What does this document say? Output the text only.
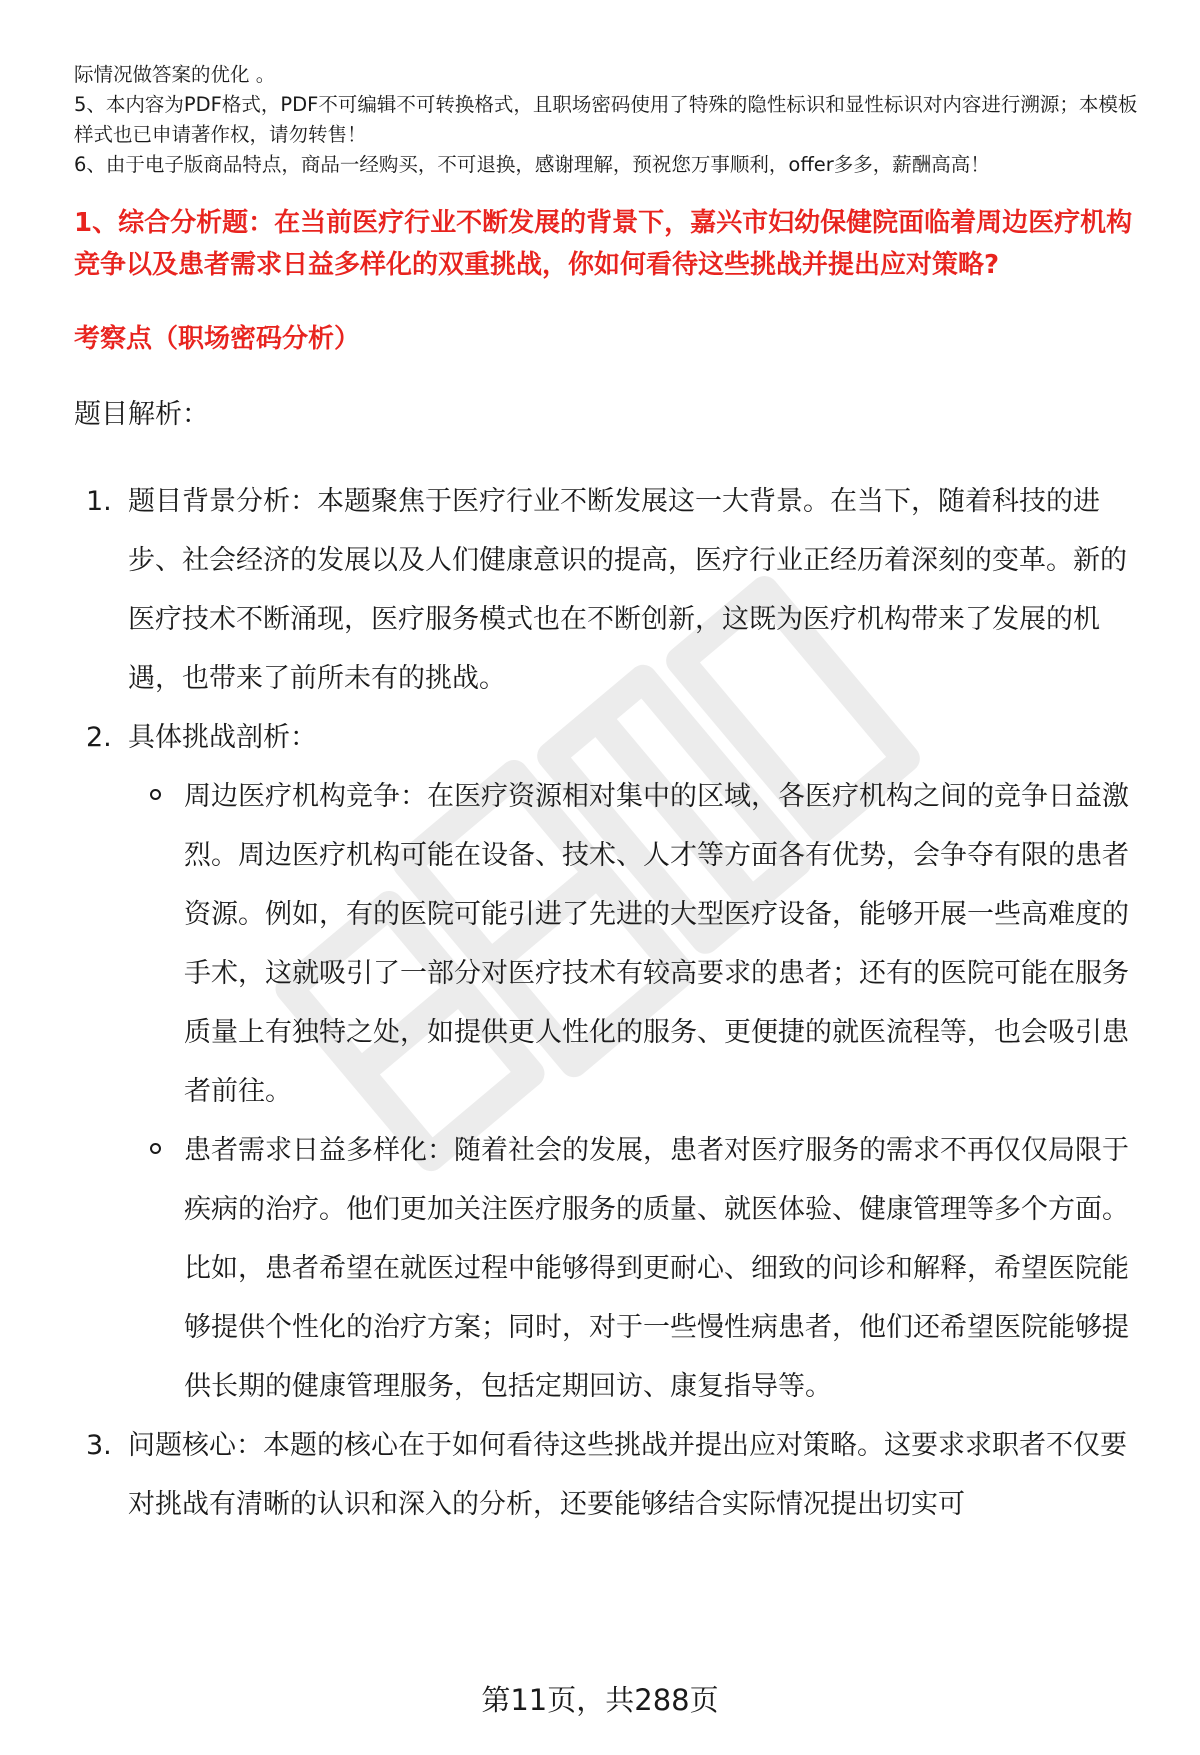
际情况做答案的优化 。

5、本内容为PDF格式，PDF不可编辑不可转换格式，且职场密码使用了特殊的隐性标识和显性标识对内容进行溯源；本模板样式也已申请著作权，请勿转售！

6、由于电子版商品特点，商品一经购买，不可退换，感谢理解，预祝您万事顺利，offer多多，薪酬高高！

1、综合分析题：在当前医疗行业不断发展的背景下，嘉兴市妇幼保健院面临着周边医疗机构竞争以及患者需求日益多样化的双重挑战，你如何看待这些挑战并提出应对策略?
考察点（职场密码分析）

题目解析：

1. 题目背景分析：本题聚焦于医疗行业不断发展这一大背景。在当下，随着科技的进步、社会经济的发展以及人们健康意识的提高，医疗行业正经历着深刻的变革。新的医疗技术不断涌现，医疗服务模式也在不断创新，这既为医疗机构带来了发展的机遇，也带来了前所未有的挑战。
2. 具体挑战剖析：
周边医疗机构竞争：在医疗资源相对集中的区域，各医疗机构之间的竞争日益激烈。周边医疗机构可能在设备、技术、人才等方面各有优势，会争夺有限的患者资源。例如，有的医院可能引进了先进的大型医疗设备，能够开展一些高难度的手术，这就吸引了一部分对医疗技术有较高要求的患者；还有的医院可能在服务质量上有独特之处，如提供更人性化的服务、更便捷的就医流程等，也会吸引患者前往。
患者需求日益多样化：随着社会的发展，患者对医疗服务的需求不再仅仅局限于疾病的治疗。他们更加关注医疗服务的质量、就医体验、健康管理等多个方面。比如，患者希望在就医过程中能够得到更耐心、细致的问诊和解释，希望医院能够提供个性化的治疗方案；同时，对于一些慢性病患者，他们还希望医院能够提供长期的健康管理服务，包括定期回访、康复指导等。
3. 问题核心：本题的核心在于如何看待这些挑战并提出应对策略。这要求求职者不仅要对挑战有清晰的认识和深入的分析，还要能够结合实际情况提出切实可
第11页，共288页
